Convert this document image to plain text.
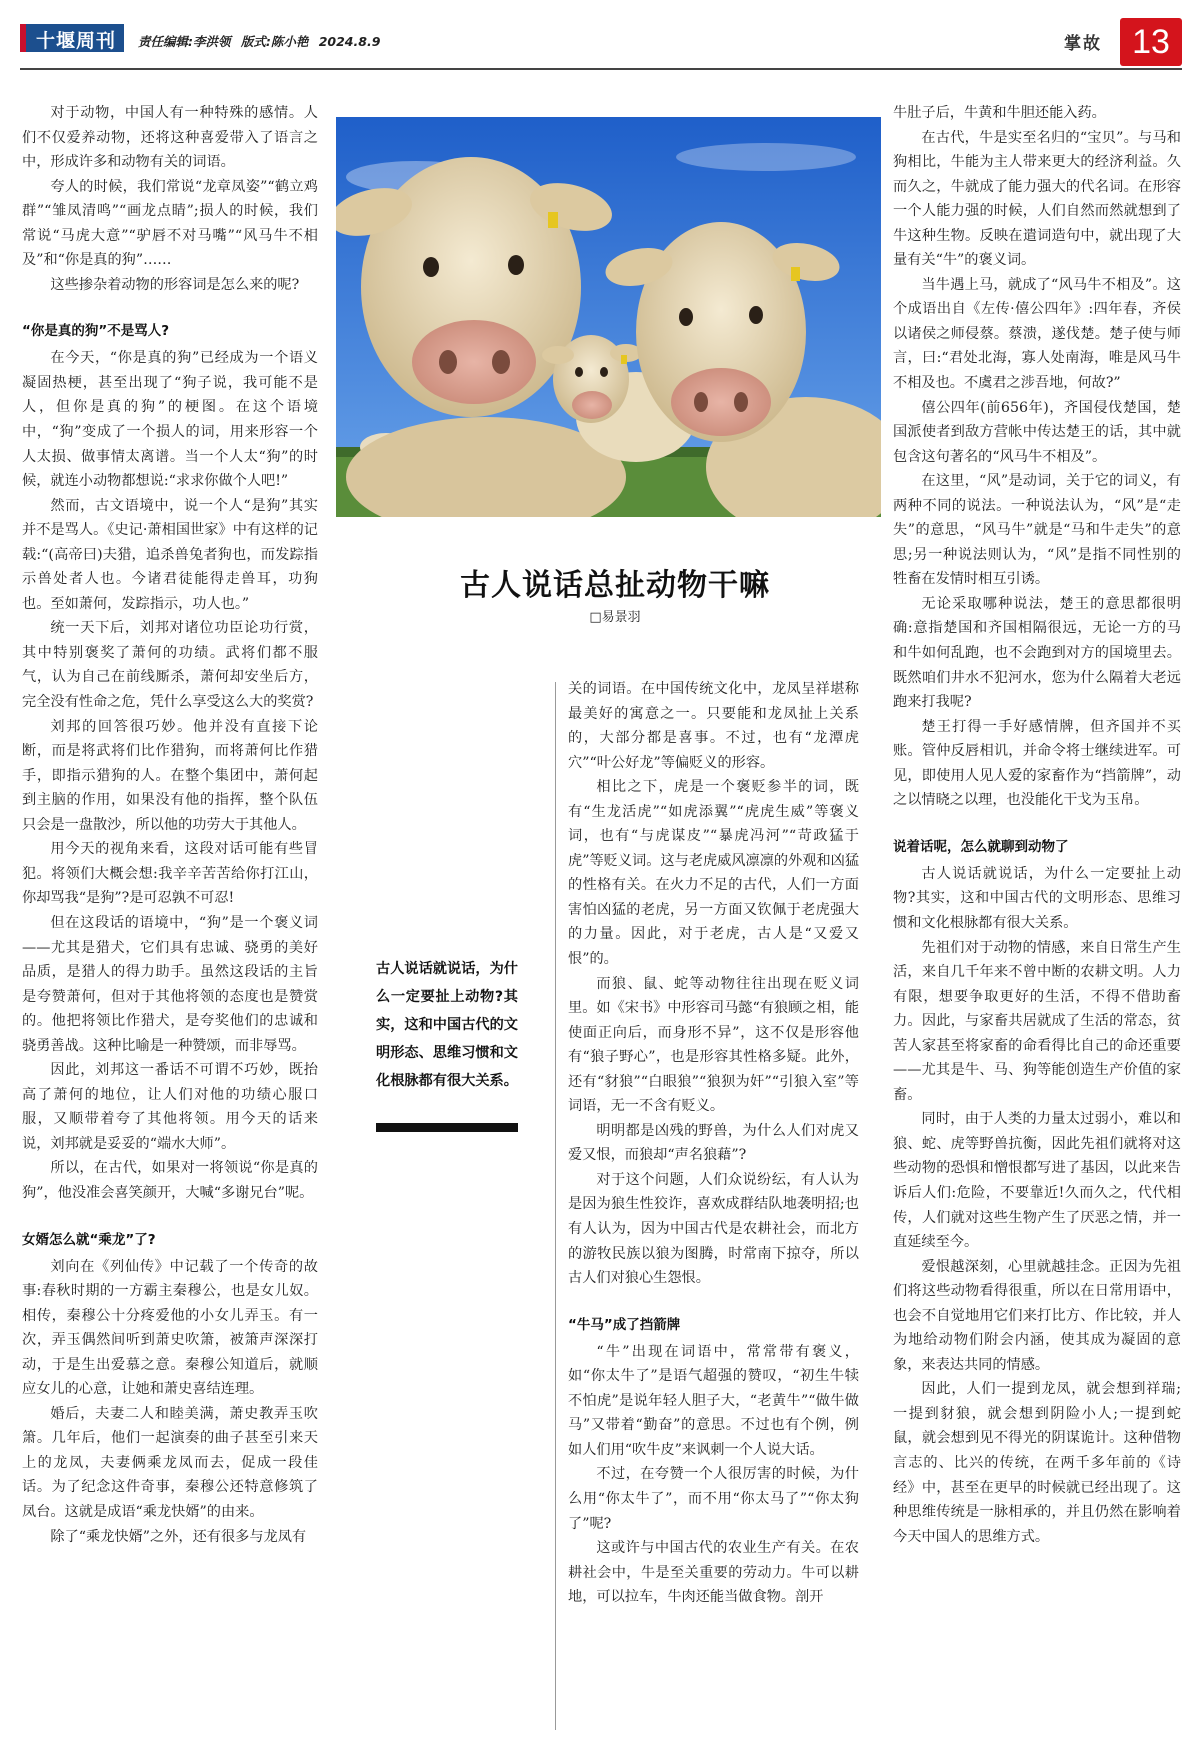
十堰周刊 责任编辑:李洪领 版式:陈小艳 2024.8.9	掌故 13

对于动物，中国人有一种特殊的感情。人们不仅爱养动物，还将这种喜爱带入了语言之中，形成许多和动物有关的词语。

夸人的时候，我们常说“龙章凤姿”“鹤立鸡群”“雏凤清鸣”“画龙点睛”;损人的时候，我们常说“马虎大意”“驴唇不对马嘴”“风马牛不相及”和“你是真的狗”……

这些掺杂着动物的形容词是怎么来的呢?

“你是真的狗”不是骂人?

在今天，“你是真的狗”已经成为一个语义凝固热梗，甚至出现了“狗子说，我可能不是人，但你是真的狗”的梗图。在这个语境中，“狗”变成了一个损人的词，用来形容一个人太损、做事情太离谱。当一个人太“狗”的时候，就连小动物都想说:“求求你做个人吧!”

然而，古文语境中，说一个人“是狗”其实并不是骂人。《史记·萧相国世家》中有这样的记载:“(高帝曰)夫猎，追杀兽兔者狗也，而发踪指示兽处者人也。今诸君徒能得走兽耳，功狗也。至如萧何，发踪指示，功人也。”

统一天下后，刘邦对诸位功臣论功行赏，其中特别褒奖了萧何的功绩。武将们都不服气，认为自己在前线厮杀，萧何却安坐后方，完全没有性命之危，凭什么享受这么大的奖赏?

刘邦的回答很巧妙。他并没有直接下论断，而是将武将们比作猎狗，而将萧何比作猎手，即指示猎狗的人。在整个集团中，萧何起到主脑的作用，如果没有他的指挥，整个队伍只会是一盘散沙，所以他的功劳大于其他人。

用今天的视角来看，这段对话可能有些冒犯。将领们大概会想:我辛辛苦苦给你打江山，你却骂我“是狗”?是可忍孰不可忍!

但在这段话的语境中，“狗”是一个褒义词——尤其是猎犬，它们具有忠诚、骁勇的美好品质，是猎人的得力助手。虽然这段话的主旨是夸赞萧何，但对于其他将领的态度也是赞赏的。他把将领比作猎犬，是夸奖他们的忠诚和骁勇善战。这种比喻是一种赞颂，而非辱骂。

因此，刘邦这一番话不可谓不巧妙，既抬高了萧何的地位，让人们对他的功绩心服口服，又顺带着夸了其他将领。用今天的话来说，刘邦就是妥妥的“端水大师”。

所以，在古代，如果对一将领说“你是真的狗”，他没准会喜笑颜开，大喊“多谢兄台”呢。

女婿怎么就“乘龙”了?

刘向在《列仙传》中记载了一个传奇的故事:春秋时期的一方霸主秦穆公，也是女儿奴。相传，秦穆公十分疼爱他的小女儿弄玉。有一次，弄玉偶然间听到萧史吹箫，被箫声深深打动，于是生出爱慕之意。秦穆公知道后，就顺应女儿的心意，让她和萧史喜结连理。

婚后，夫妻二人和睦美满，萧史教弄玉吹箫。几年后，他们一起演奏的曲子甚至引来天上的龙凤，夫妻俩乘龙凤而去，促成一段佳话。为了纪念这件奇事，秦穆公还特意修筑了凤台。这就是成语“乘龙快婿”的由来。

除了“乘龙快婿”之外，还有很多与龙凤有

古人说话总扯动物干嘛
□易景羽
古人说话就说话，为什么一定要扯上动物?其实，这和中国古代的文明形态、思维习惯和文化根脉都有很大关系。

关的词语。在中国传统文化中，龙凤呈祥堪称最美好的寓意之一。只要能和龙凤扯上关系的，大部分都是喜事。不过，也有“龙潭虎穴”“叶公好龙”等偏贬义的形容。

相比之下，虎是一个褒贬参半的词，既有“生龙活虎”“如虎添翼”“虎虎生威”等褒义词，也有“与虎谋皮”“暴虎冯河”“苛政猛于虎”等贬义词。这与老虎威风凛凛的外观和凶猛的性格有关。在火力不足的古代，人们一方面害怕凶猛的老虎，另一方面又钦佩于老虎强大的力量。因此，对于老虎，古人是“又爱又恨”的。

而狼、鼠、蛇等动物往往出现在贬义词里。如《宋书》中形容司马懿“有狼顾之相，能使面正向后，而身形不异”，这不仅是形容他有“狼子野心”，也是形容其性格多疑。此外，还有“豺狼”“白眼狼”“狼狈为奸”“引狼入室”等词语，无一不含有贬义。

明明都是凶残的野兽，为什么人们对虎又爱又恨，而狼却“声名狼藉”?

对于这个问题，人们众说纷纭，有人认为是因为狼生性狡诈，喜欢成群结队地袭明招;也有人认为，因为中国古代是农耕社会，而北方的游牧民族以狼为图腾，时常南下掠夺，所以古人们对狼心生怨恨。

“牛马”成了挡箭牌

“牛”出现在词语中，常常带有褒义，如“你太牛了”是语气超强的赞叹，“初生牛犊不怕虎”是说年轻人胆子大，“老黄牛”“做牛做马”又带着“勤奋”的意思。不过也有个例，例如人们用“吹牛皮”来讽刺一个人说大话。

不过，在夸赞一个人很厉害的时候，为什么用“你太牛了”，而不用“你太马了”“你太狗了”呢?

这或许与中国古代的农业生产有关。在农耕社会中，牛是至关重要的劳动力。牛可以耕地，可以拉车，牛肉还能当做食物。剖开

牛肚子后，牛黄和牛胆还能入药。

在古代，牛是实至名归的“宝贝”。与马和狗相比，牛能为主人带来更大的经济利益。久而久之，牛就成了能力强大的代名词。在形容一个人能力强的时候，人们自然而然就想到了牛这种生物。反映在遣词造句中，就出现了大量有关“牛”的褒义词。

当牛遇上马，就成了“风马牛不相及”。这个成语出自《左传·僖公四年》:四年春，齐侯以诸侯之师侵蔡。蔡溃，遂伐楚。楚子使与师言，曰:“君处北海，寡人处南海，唯是风马牛不相及也。不虞君之涉吾地，何故?”

僖公四年(前656年)，齐国侵伐楚国，楚国派使者到敌方营帐中传达楚王的话，其中就包含这句著名的“风马牛不相及”。

在这里，“风”是动词，关于它的词义，有两种不同的说法。一种说法认为，“风”是“走失”的意思，“风马牛”就是“马和牛走失”的意思;另一种说法则认为，“风”是指不同性别的牲畜在发情时相互引诱。

无论采取哪种说法，楚王的意思都很明确:意指楚国和齐国相隔很远，无论一方的马和牛如何乱跑，也不会跑到对方的国境里去。既然咱们井水不犯河水，您为什么隔着大老远跑来打我呢?

楚王打得一手好感情牌，但齐国并不买账。管仲反唇相讥，并命令将士继续进军。可见，即使用人见人爱的家畜作为“挡箭牌”，动之以情晓之以理，也没能化干戈为玉帛。

说着话呢，怎么就聊到动物了

古人说话就说话，为什么一定要扯上动物?其实，这和中国古代的文明形态、思维习惯和文化根脉都有很大关系。

先祖们对于动物的情感，来自日常生产生活，来自几千年来不曾中断的农耕文明。人力有限，想要争取更好的生活，不得不借助畜力。因此，与家畜共居就成了生活的常态，贫苦人家甚至将家畜的命看得比自己的命还重要——尤其是牛、马、狗等能创造生产价值的家畜。

同时，由于人类的力量太过弱小，难以和狼、蛇、虎等野兽抗衡，因此先祖们就将对这些动物的恐惧和憎恨都写进了基因，以此来告诉后人们:危险，不要靠近!久而久之，代代相传，人们就对这些生物产生了厌恶之情，并一直延续至今。

爱恨越深刻，心里就越挂念。正因为先祖们将这些动物看得很重，所以在日常用语中，也会不自觉地用它们来打比方、作比较，并人为地给动物们附会内涵，使其成为凝固的意象，来表达共同的情感。

因此，人们一提到龙凤，就会想到祥瑞;一提到豺狼，就会想到阴险小人;一提到蛇鼠，就会想到见不得光的阴谋诡计。这种借物言志的、比兴的传统，在两千多年前的《诗经》中，甚至在更早的时候就已经出现了。这种思维传统是一脉相承的，并且仍然在影响着今天中国人的思维方式。
